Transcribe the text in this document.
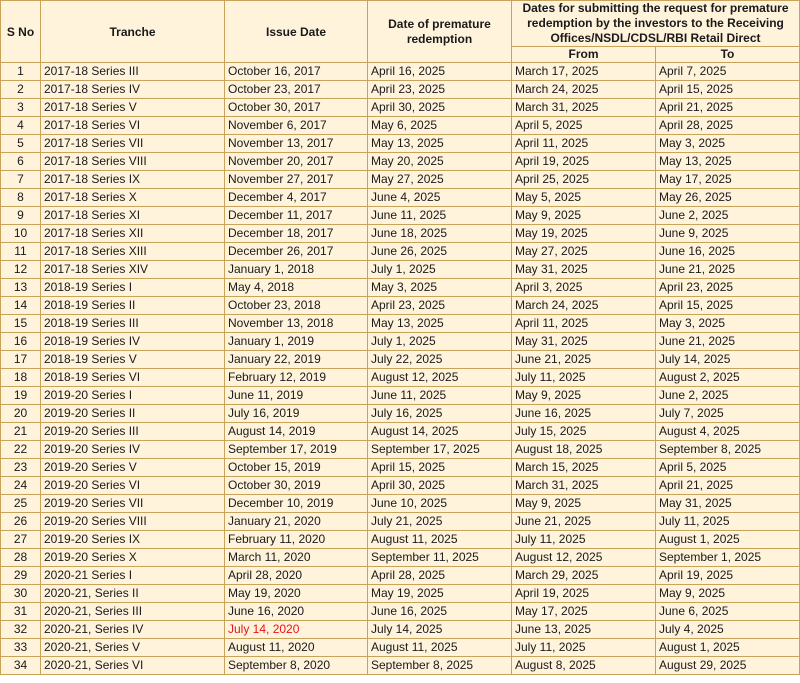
S No	Tranche	Issue Date	Date of premature redemption	Dates for submitting the request for premature redemption by the investors to the Receiving Offices/NSDL/CDSL/RBI Retail Direct	
				From	To
1	2017-18 Series III	October 16, 2017	April 16, 2025	March 17, 2025	April 7, 2025
2	2017-18 Series IV	October 23, 2017	April 23, 2025	March 24, 2025	April 15, 2025
3	2017-18 Series V	October 30, 2017	April 30, 2025	March 31, 2025	April 21, 2025
4	2017-18 Series VI	November 6, 2017	May 6, 2025	April 5, 2025	April 28, 2025
5	2017-18 Series VII	November 13, 2017	May 13, 2025	April 11, 2025	May 3, 2025
6	2017-18 Series VIII	November 20, 2017	May 20, 2025	April 19, 2025	May 13, 2025
7	2017-18 Series IX	November 27, 2017	May 27, 2025	April 25, 2025	May 17, 2025
8	2017-18 Series X	December 4, 2017	June 4, 2025	May 5, 2025	May 26, 2025
9	2017-18 Series XI	December 11, 2017	June 11, 2025	May 9, 2025	June 2, 2025
10	2017-18 Series XII	December 18, 2017	June 18, 2025	May 19, 2025	June 9, 2025
11	2017-18 Series XIII	December 26, 2017	June 26, 2025	May 27, 2025	June 16, 2025
12	2017-18 Series XIV	January 1, 2018	July 1, 2025	May 31, 2025	June 21, 2025
13	2018-19 Series I	May 4, 2018	May 3, 2025	April 3, 2025	April 23, 2025
14	2018-19 Series II	October 23, 2018	April 23, 2025	March 24, 2025	April 15, 2025
15	2018-19 Series III	November 13, 2018	May 13, 2025	April 11, 2025	May 3, 2025
16	2018-19 Series IV	January 1, 2019	July 1, 2025	May 31, 2025	June 21, 2025
17	2018-19 Series V	January 22, 2019	July 22, 2025	June 21, 2025	July 14, 2025
18	2018-19 Series VI	February 12, 2019	August 12, 2025	July 11, 2025	August 2, 2025
19	2019-20 Series I	June 11, 2019	June 11, 2025	May 9, 2025	June 2, 2025
20	2019-20 Series II	July 16, 2019	July 16, 2025	June 16, 2025	July 7, 2025
21	2019-20 Series III	August 14, 2019	August 14, 2025	July 15, 2025	August 4, 2025
22	2019-20 Series IV	September 17, 2019	September 17, 2025	August 18, 2025	September 8, 2025
23	2019-20 Series V	October 15, 2019	April 15, 2025	March 15, 2025	April 5, 2025
24	2019-20 Series VI	October 30, 2019	April 30, 2025	March 31, 2025	April 21, 2025
25	2019-20 Series VII	December 10, 2019	June 10, 2025	May 9, 2025	May 31, 2025
26	2019-20 Series VIII	January 21, 2020	July 21, 2025	June 21, 2025	July 11, 2025
27	2019-20 Series IX	February 11, 2020	August 11, 2025	July 11, 2025	August 1, 2025
28	2019-20 Series X	March 11, 2020	September 11, 2025	August 12, 2025	September 1, 2025
29	2020-21 Series I	April 28, 2020	April 28, 2025	March 29, 2025	April 19, 2025
30	2020-21, Series II	May 19, 2020	May 19, 2025	April 19, 2025	May 9, 2025
31	2020-21, Series III	June 16, 2020	June 16, 2025	May 17, 2025	June 6, 2025
32	2020-21, Series IV	July 14, 2020	July 14, 2025	June 13, 2025	July 4, 2025
33	2020-21, Series V	August 11, 2020	August 11, 2025	July 11, 2025	August 1, 2025
34	2020-21, Series VI	September 8, 2020	September 8, 2025	August 8, 2025	August 29, 2025
